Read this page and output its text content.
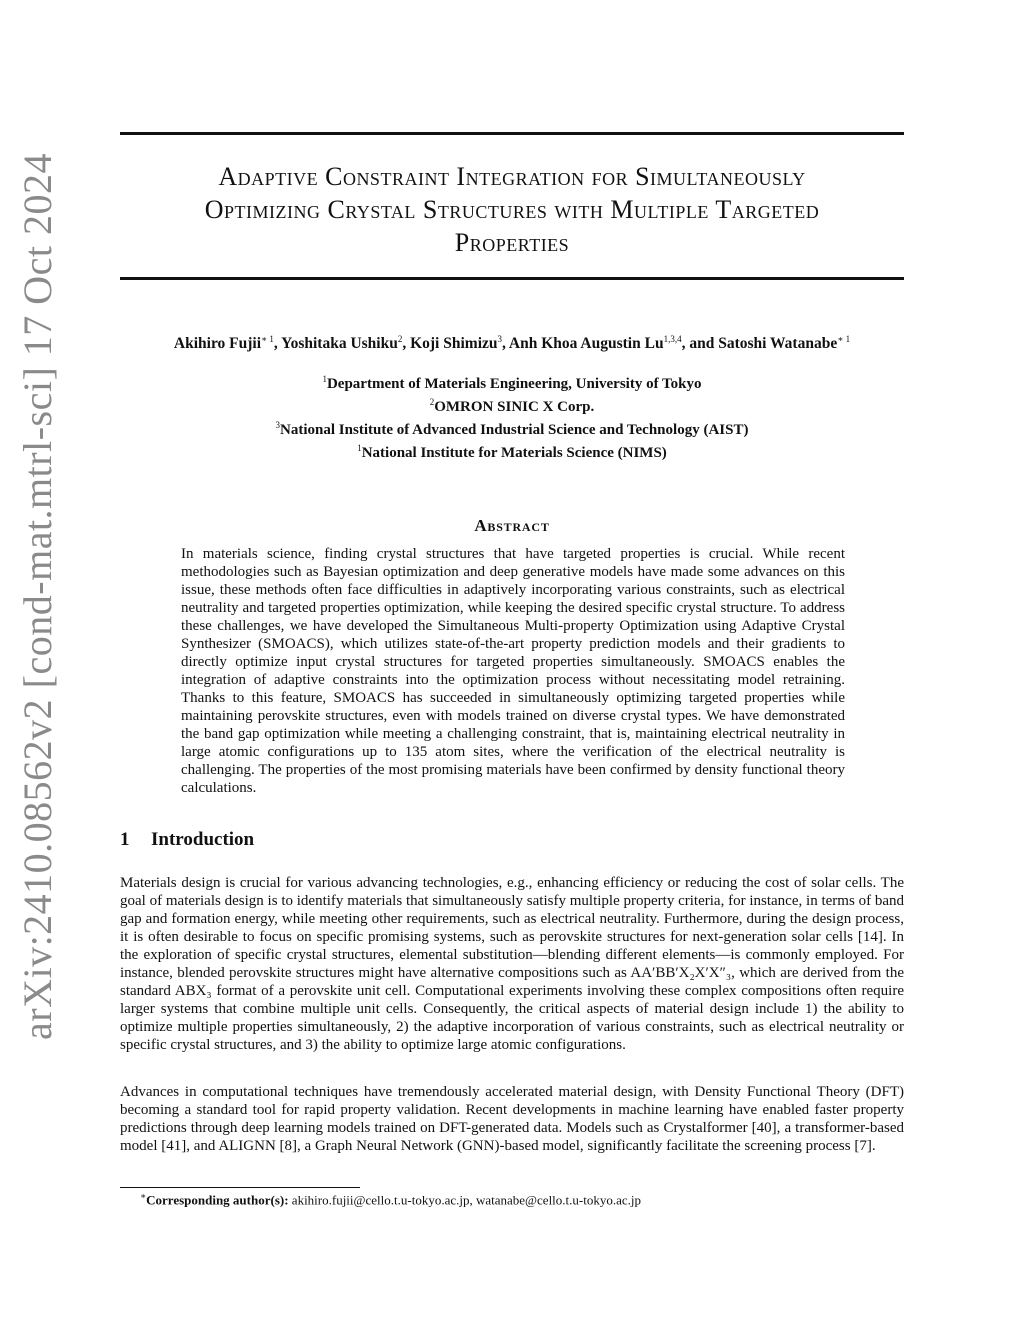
arXiv:2410.08562v2 [cond-mat.mtrl-sci] 17 Oct 2024	Adaptive Constraint Integration for Simultaneously
Optimizing Crystal Structures with Multiple Targeted
Properties
Akihiro Fujii$^{∗ 1}$, Yoshitaka Ushiku$^2$, Koji Shimizu$^3$, Anh Khoa Augustin Lu$^{1,3,4}$, and Satoshi Watanabe$^{∗ 1}$
$^1$Department of Materials Engineering, University of Tokyo
$^2$OMRON SINIC X Corp.
$^3$National Institute of Advanced Industrial Science and Technology (AIST)
$^1$National Institute for Materials Science (NIMS)
Abstract
In materials science, finding crystal structures that have targeted properties is crucial. While recent methodologies such as Bayesian optimization and deep generative models have made some advances on this issue, these methods often face difficulties in adaptively incorporating various constraints, such as electrical neutrality and targeted properties optimization, while keeping the desired specific crystal structure. To address these challenges, we have developed the Simultaneous Multi-property Optimization using Adaptive Crystal Synthesizer (SMOACS), which utilizes state-of-the-art property prediction models and their gradients to directly optimize input crystal structures for targeted properties simultaneously. SMOACS enables the integration of adaptive constraints into the optimization process without necessitating model retraining. Thanks to this feature, SMOACS has succeeded in simultaneously optimizing targeted properties while maintaining perovskite structures, even with models trained on diverse crystal types. We have demonstrated the band gap optimization while meeting a challenging constraint, that is, maintaining electrical neutrality in large atomic configurations up to 135 atom sites, where the verification of the electrical neutrality is challenging. The properties of the most promising materials have been confirmed by density functional theory calculations.
1 Introduction
Materials design is crucial for various advancing technologies, e.g., enhancing efficiency or reducing the cost of solar cells. The goal of materials design is to identify materials that simultaneously satisfy multiple property criteria, for instance, in terms of band gap and formation energy, while meeting other requirements, such as electrical neutrality. Furthermore, during the design process, it is often desirable to focus on specific promising systems, such as perovskite structures for next-generation solar cells [14]. In the exploration of specific crystal structures, elemental substitution—blending different elements—is commonly employed. For instance, blended perovskite structures might have alternative compositions such as AA′BB′X₂X′X″₃, which are derived from the standard ABX₃ format of a perovskite unit cell. Computational experiments involving these complex compositions often require larger systems that combine multiple unit cells. Consequently, the critical aspects of material design include 1) the ability to optimize multiple properties simultaneously, 2) the adaptive incorporation of various constraints, such as electrical neutrality or specific crystal structures, and 3) the ability to optimize large atomic configurations.
Advances in computational techniques have tremendously accelerated material design, with Density Functional Theory (DFT) becoming a standard tool for rapid property validation. Recent developments in machine learning have enabled faster property predictions through deep learning models trained on DFT-generated data. Models such as Crystalformer [40], a transformer-based model [41], and ALIGNN [8], a Graph Neural Network (GNN)-based model, significantly facilitate the screening process [7].
∗Corresponding author(s): akihiro.fujii@cello.t.u-tokyo.ac.jp, watanabe@cello.t.u-tokyo.ac.jp
